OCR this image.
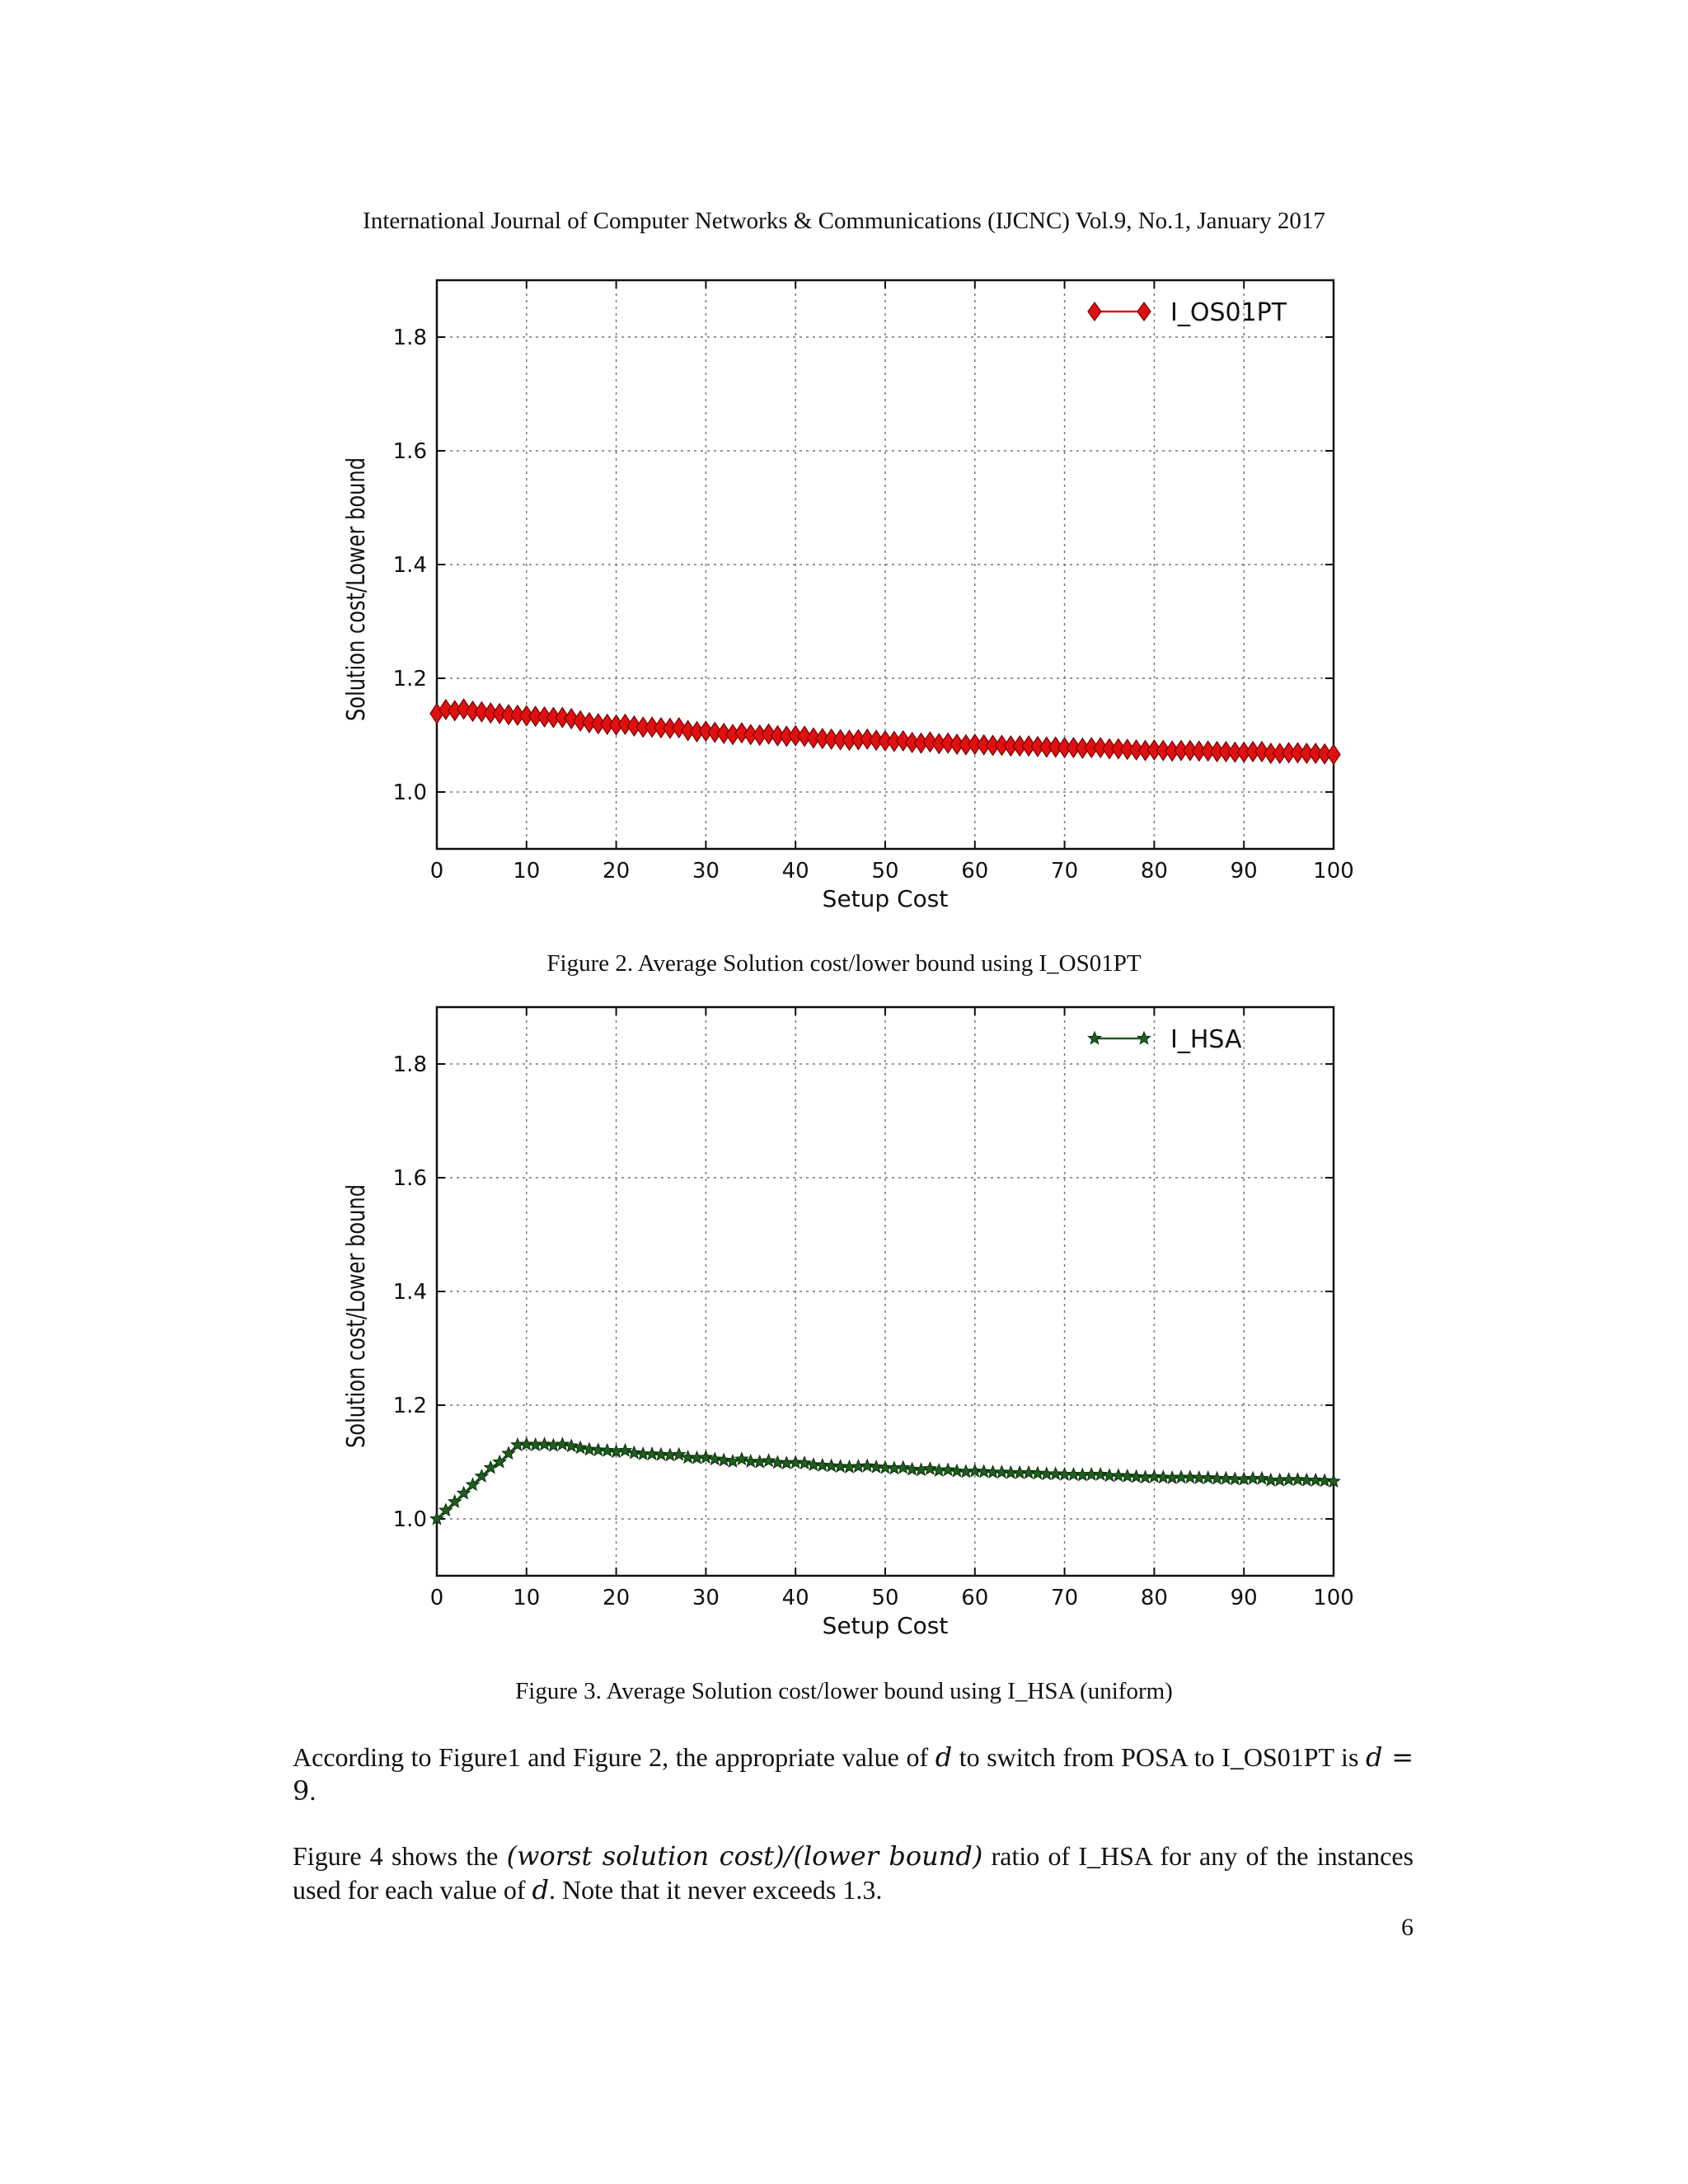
International Journal of Computer Networks & Communications (IJCNC) Vol.9, No.1, January 2017
0	10	20	30	40	50	60	70	80	90	100
1.0
1.2
1.4
1.6
1.8
Setup Cost
Solution cost/Lower bound
I_OS01PT
Figure 2. Average Solution cost/lower bound using I_OS01PT
0	10	20	30	40	50	60	70	80	90	100
1.0
1.2
1.4
1.6
1.8
Setup Cost
Solution cost/Lower bound
I_HSA
Figure 3. Average Solution cost/lower bound using I_HSA (uniform)
According to Figure1 and Figure 2, the appropriate value of d to switch from POSA to I_OS01PT is d = 9.
Figure 4 shows the (worst solution cost)/(lower bound) ratio of I_HSA for any of the instances used for each value of d. Note that it never exceeds 1.3.
6
